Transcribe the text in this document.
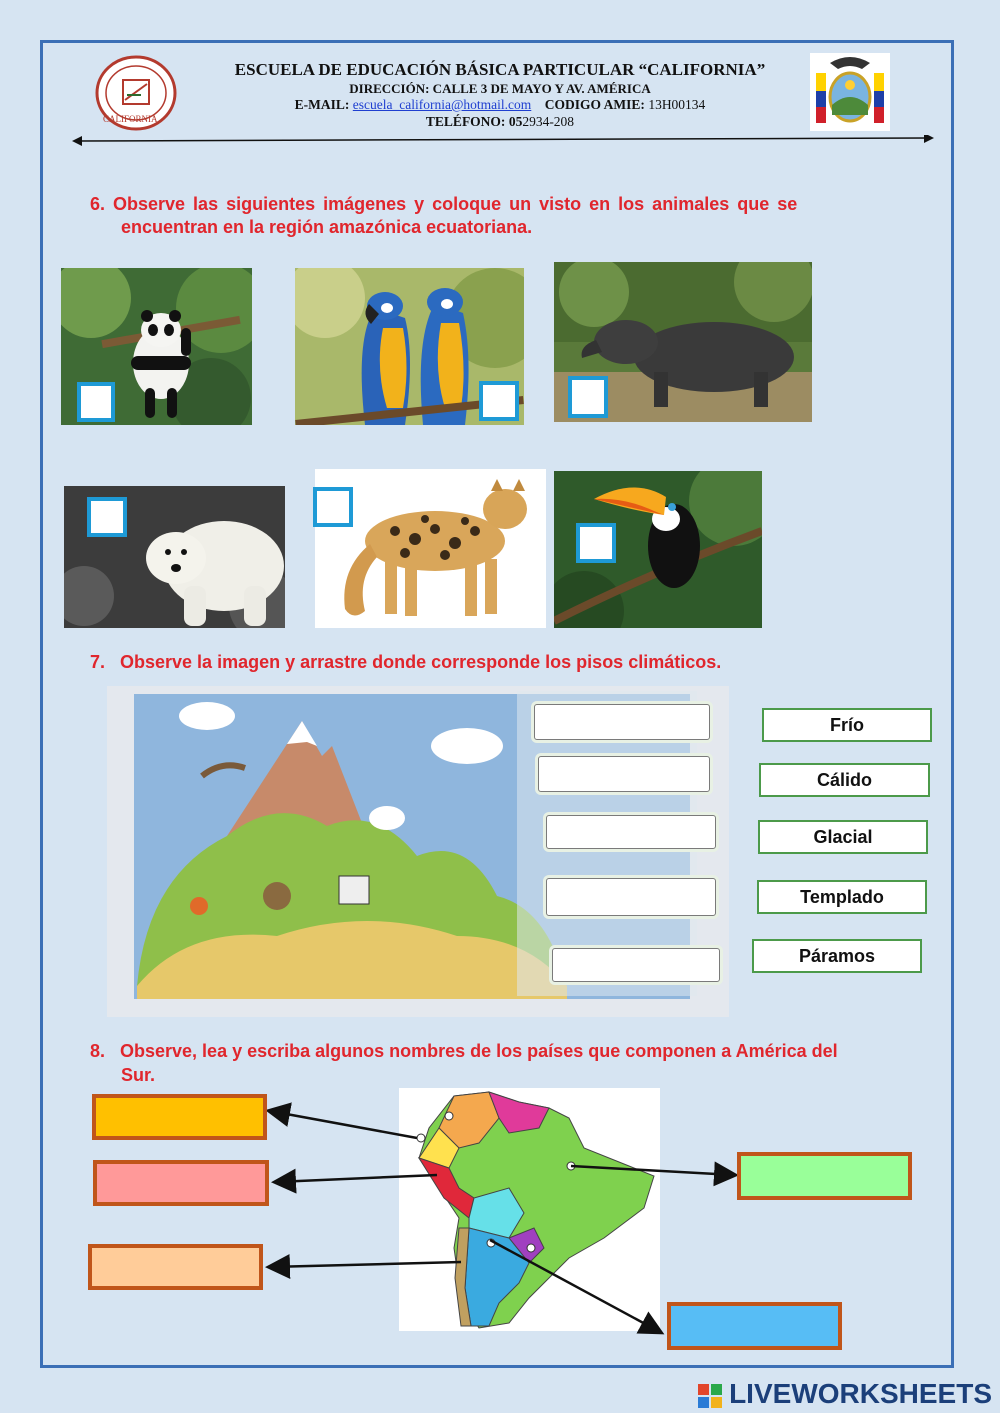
CALIFORNIA
ESCUELA DE EDUCACIÓN BÁSICA PARTICULAR “CALIFORNIA”
DIRECCIÓN: CALLE 3 DE MAYO Y AV. AMÉRICA
E-MAIL: escuela_california@hotmail.com CODIGO AMIE: 13H00134
TELÉFONO: 052934-208
6. Observe las siguientes imágenes y coloque un visto en los animales que se
encuentran en la región amazónica ecuatoriana.
7.   Observe la imagen y arrastre donde corresponde los pisos climáticos.
Frío
Cálido
Glacial
Templado
Páramos
8.   Observe, lea y escriba algunos nombres de los países que componen a América del
Sur.
LIVEWORKSHEETS
